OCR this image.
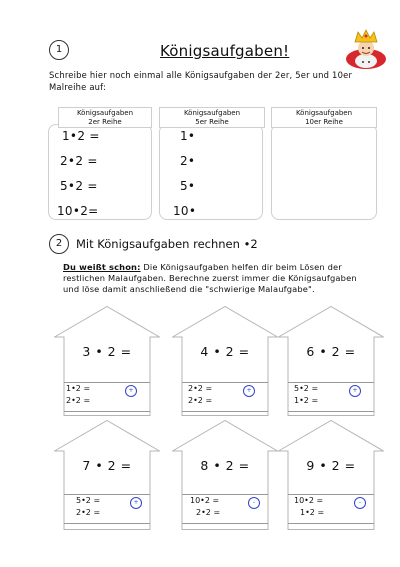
1	Königsaufgaben!
Schreibe hier noch einmal alle Königsaufgaben der 2er, 5er und 10er Malreihe auf:
Königsaufgaben
2er Reihe
Königsaufgaben
5er Reihe
Königsaufgaben
10er Reihe
1•2 =
2•2 =
5•2 =
10•2=
1•
2•
5•
10•
2	Mit Königsaufgaben rechnen •2
Du weißt schon: Die Königsaufgaben helfen dir beim Lösen der restlichen Malaufgaben. Berechne zuerst immer die Königsaufgaben und löse damit anschließend die "schwierige Malaufgabe".
3 • 2 =
1•2 =
2•2 =
+
4 • 2 =
2•2 =
2•2 =
+
6 • 2 =
5•2 =
1•2 =
+
7 • 2 =
5•2 =
2•2 =
+
8 • 2 =
10•2 =
2•2 =
-
9 • 2 =
10•2 =
1•2 =
-
